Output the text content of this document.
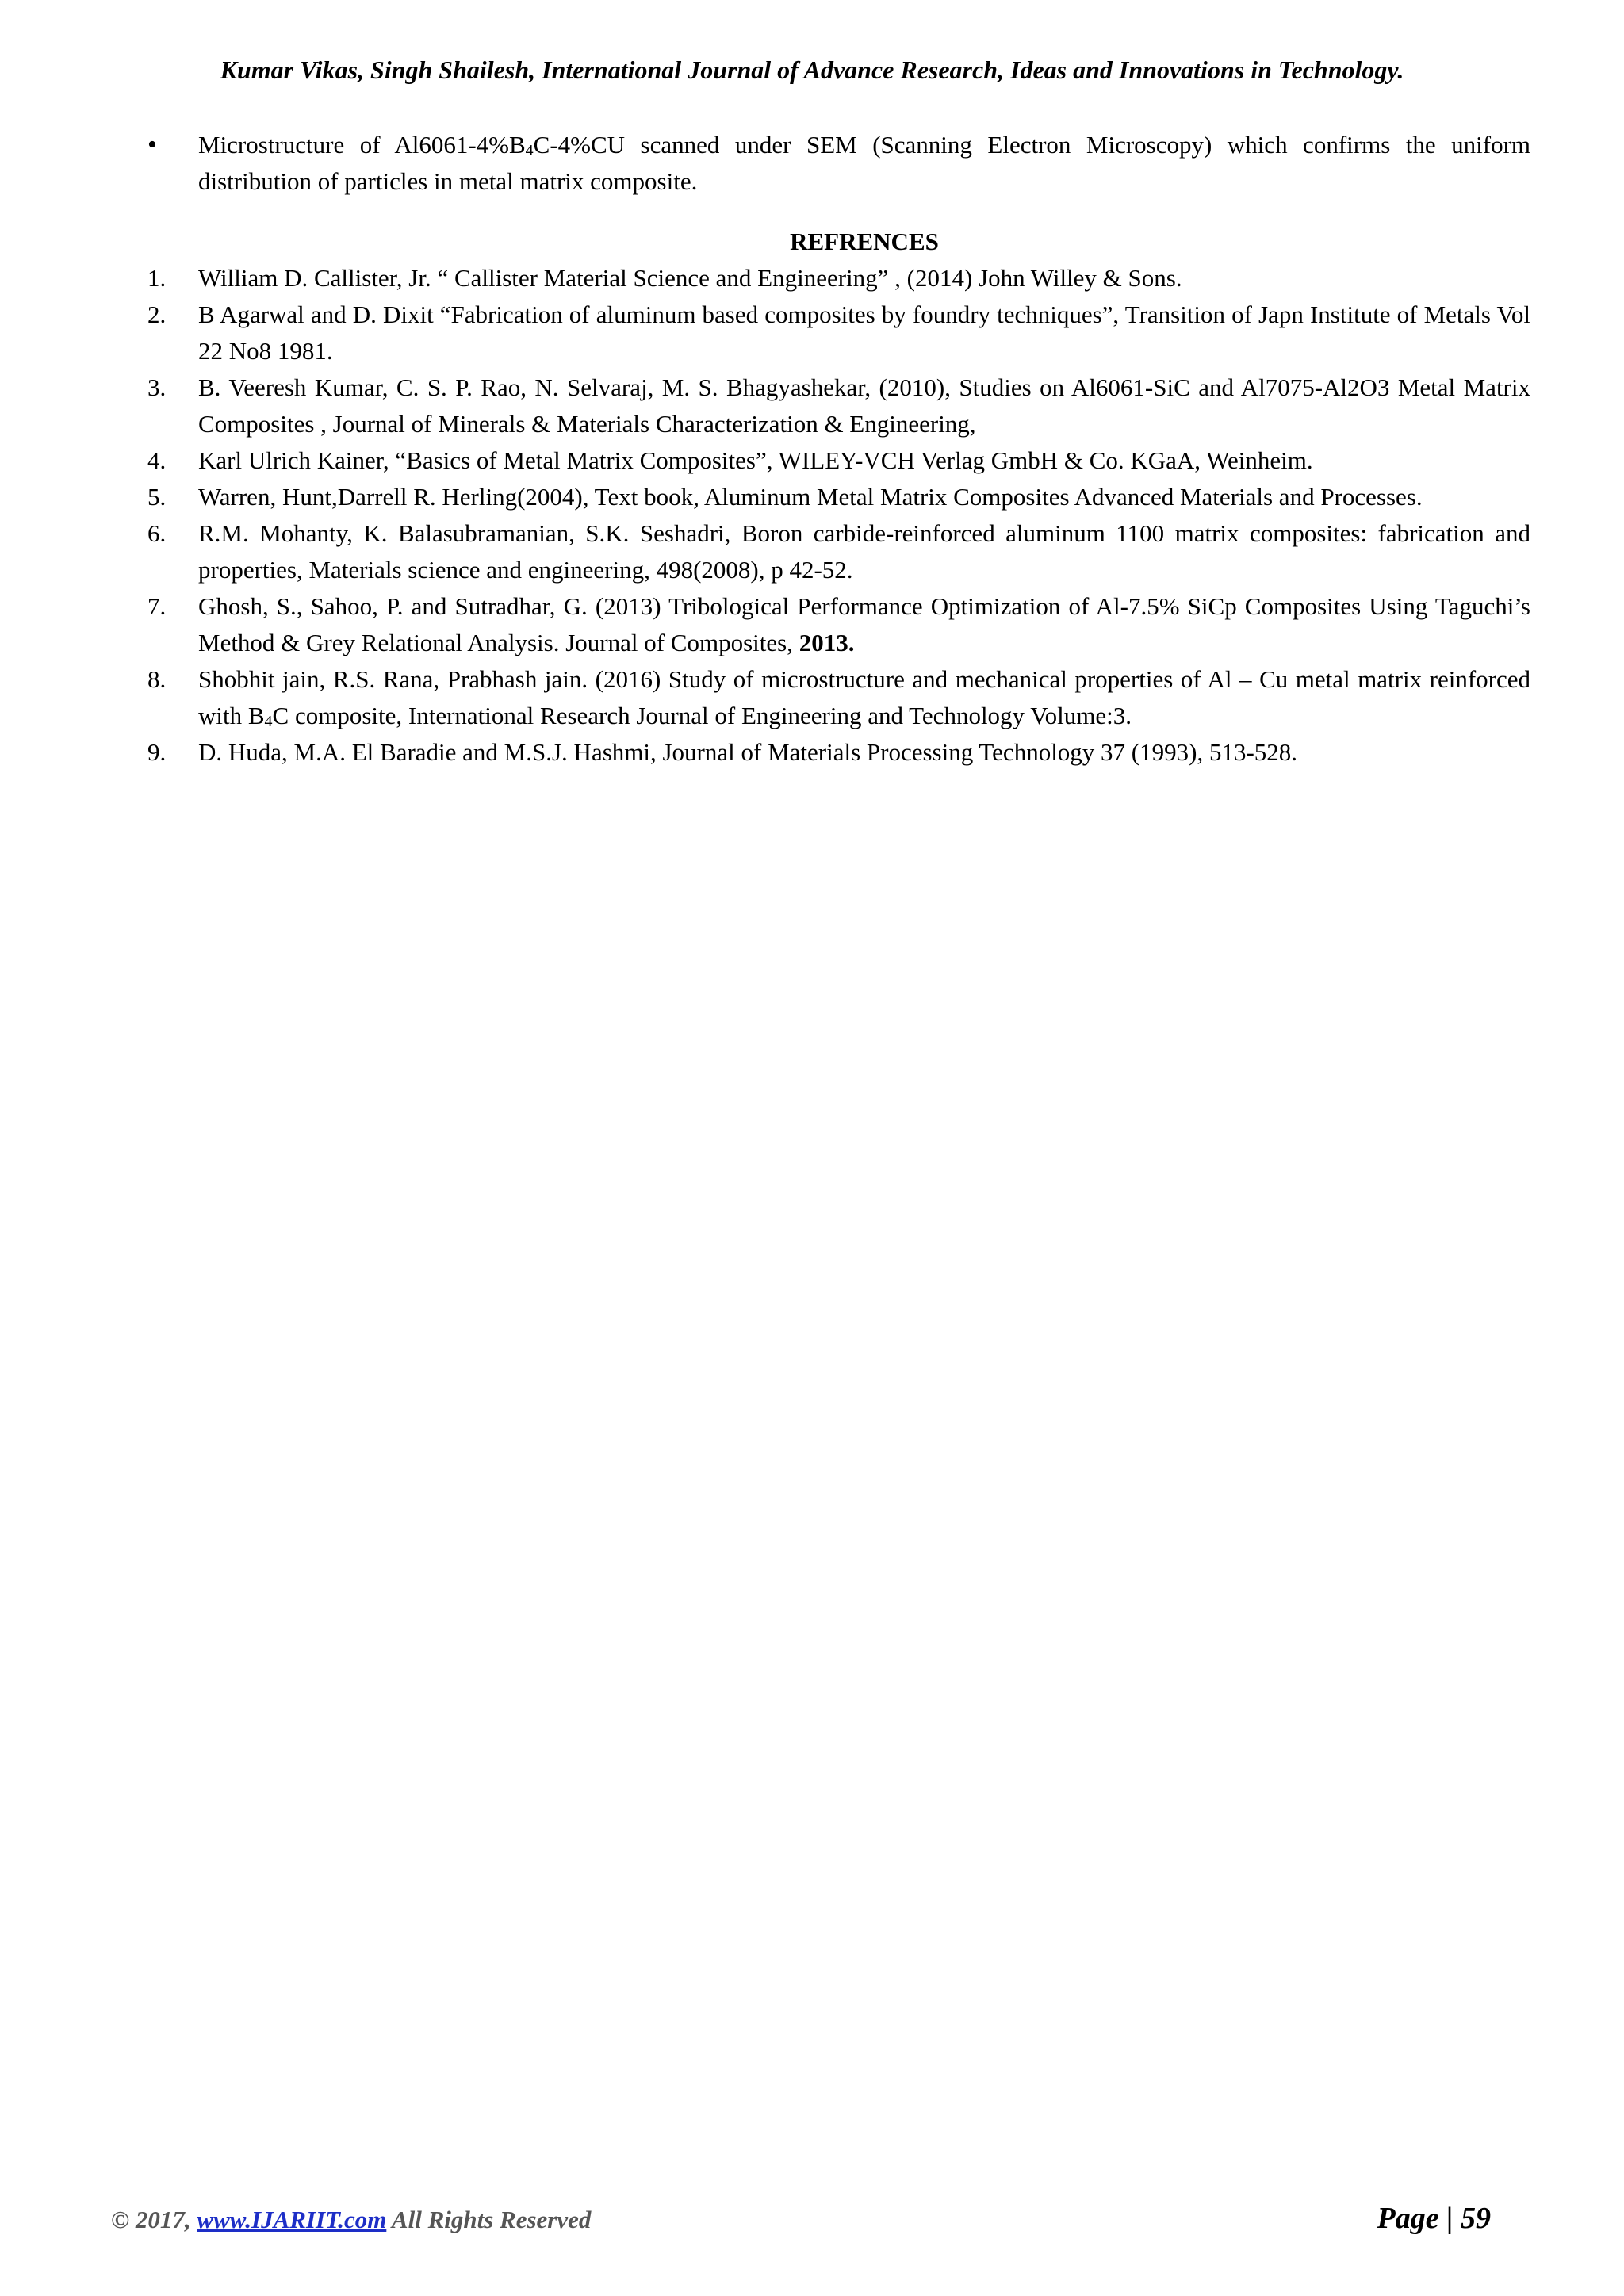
Kumar Vikas, Singh Shailesh, International Journal of Advance Research, Ideas and Innovations in Technology.
•
Microstructure of $Al6061-4\%B_4C-4\%CU$ scanned under SEM (Scanning Electron Microscopy) which confirms the uniform distribution of particles in metal matrix composite.
REFRENCES
1. William D. Callister, Jr. “ Callister Material Science and Engineering” , (2014) John Willey & Sons.
2. B Agarwal and D. Dixit “Fabrication of aluminum based composites by foundry techniques”, Transition of Japn Institute of Metals Vol 22 No8 1981.
3. B. Veeresh Kumar, C. S. P. Rao, N. Selvaraj, M. S. Bhagyashekar, (2010), Studies on Al6061-SiC and Al7075-Al2O3 Metal Matrix Composites , Journal of Minerals & Materials Characterization & Engineering,
4. Karl Ulrich Kainer, “Basics of Metal Matrix Composites”, WILEY-VCH Verlag GmbH & Co. KGaA, Weinheim.
5. Warren, Hunt,Darrell R. Herling(2004), Text book, Aluminum Metal Matrix Composites Advanced Materials and Processes.
6. R.M. Mohanty, K. Balasubramanian, S.K. Seshadri, Boron carbide-reinforced aluminum 1100 matrix composites: fabrication and properties, Materials science and engineering, 498(2008), p 42-52.
7. Ghosh, S., Sahoo, P. and Sutradhar, G. (2013) Tribological Performance Optimization of Al-7.5% SiCp Composites Using Taguchi’s Method & Grey Relational Analysis. Journal of Composites, 2013.
8. Shobhit jain, R.S. Rana, Prabhash jain. (2016) Study of microstructure and mechanical properties of Al – Cu metal matrix reinforced with $B_4C$ composite, International Research Journal of Engineering and Technology Volume:3.
9. D. Huda, M.A. El Baradie and M.S.J. Hashmi, Journal of Materials Processing Technology 37 (1993), 513-528.
© 2017, www.IJARIIT.com All Rights Reserved	Page | 59
